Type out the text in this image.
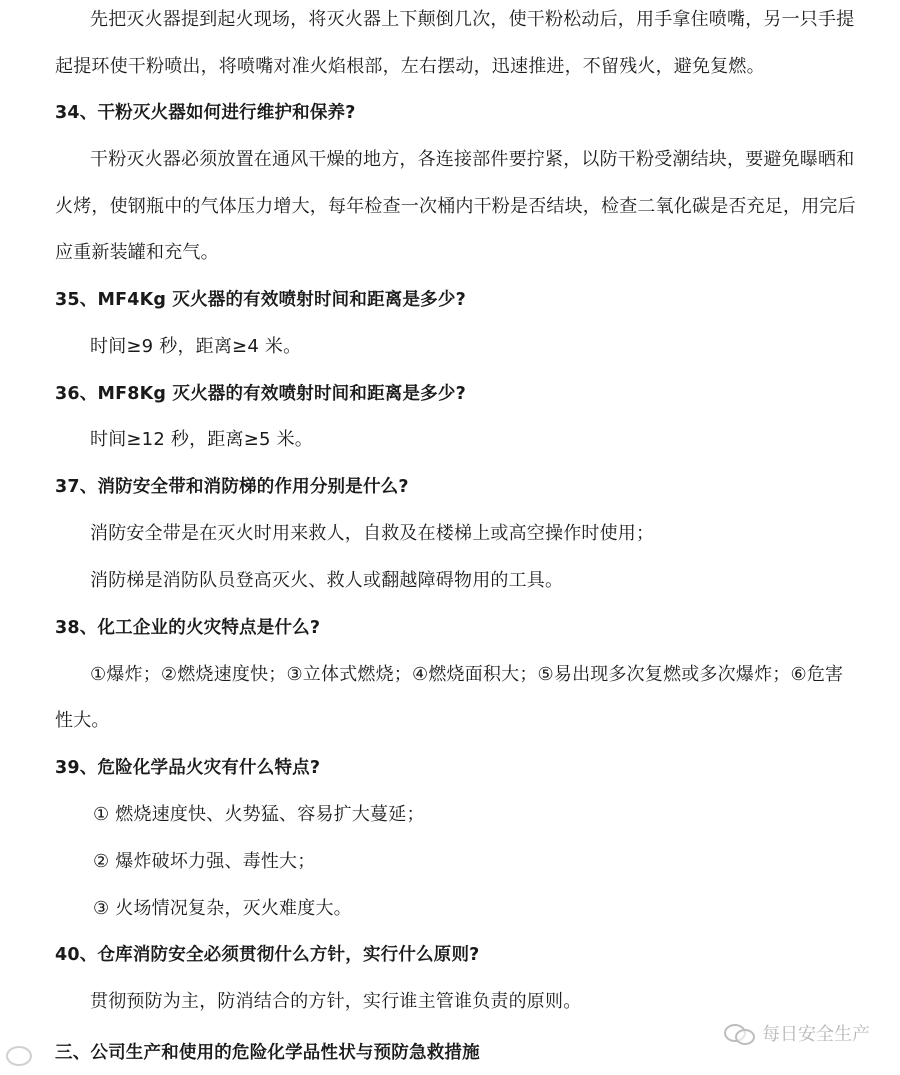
先把灭火器提到起火现场，将灭火器上下颠倒几次，使干粉松动后，用手拿住喷嘴，另一只手提
起提环使干粉喷出，将喷嘴对准火焰根部，左右摆动，迅速推进，不留残火，避免复燃。
34、干粉灭火器如何进行维护和保养?
干粉灭火器必须放置在通风干燥的地方，各连接部件要拧紧，以防干粉受潮结块，要避免曝晒和
火烤，使钢瓶中的气体压力增大，每年检查一次桶内干粉是否结块，检查二氧化碳是否充足，用完后
应重新装罐和充气。
35、MF4Kg 灭火器的有效喷射时间和距离是多少?
时间≥9 秒，距离≥4 米。
36、MF8Kg 灭火器的有效喷射时间和距离是多少?
时间≥12 秒，距离≥5 米。
37、消防安全带和消防梯的作用分别是什么?
消防安全带是在灭火时用来救人，自救及在楼梯上或高空操作时使用；
消防梯是消防队员登高灭火、救人或翻越障碍物用的工具。
38、化工企业的火灾特点是什么?
①爆炸；②燃烧速度快；③立体式燃烧；④燃烧面积大；⑤易出现多次复燃或多次爆炸；⑥危害
性大。
39、危险化学品火灾有什么特点?
① 燃烧速度快、火势猛、容易扩大蔓延；
② 爆炸破坏力强、毒性大；
③ 火场情况复杂，灭火难度大。
40、仓库消防安全必须贯彻什么方针，实行什么原则?
贯彻预防为主，防消结合的方针，实行谁主管谁负责的原则。
三、公司生产和使用的危险化学品性状与预防急救措施
每日安全生产
